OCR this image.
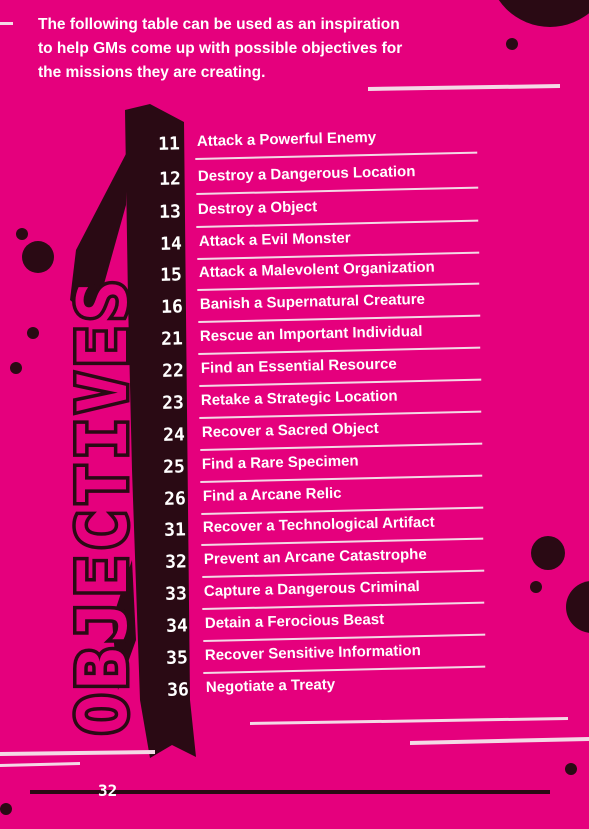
The following table can be used as an inspiration
to help GMs come up with possible objectives for
the missions they are creating.
OBJECTIVES
11	Attack a Powerful Enemy
12	Destroy a Dangerous Location
13	Destroy a Object
14	Attack a Evil Monster
15	Attack a Malevolent Organization
16	Banish a Supernatural Creature
21	Rescue an Important Individual
22	Find an Essential Resource
23	Retake a Strategic Location
24	Recover a Sacred Object
25	Find a Rare Specimen
26	Find a Arcane Relic
31	Recover a Technological Artifact
32	Prevent an Arcane Catastrophe
33	Capture a Dangerous Criminal
34	Detain a Ferocious Beast
35	Recover Sensitive Information
36	Negotiate a Treaty
32
